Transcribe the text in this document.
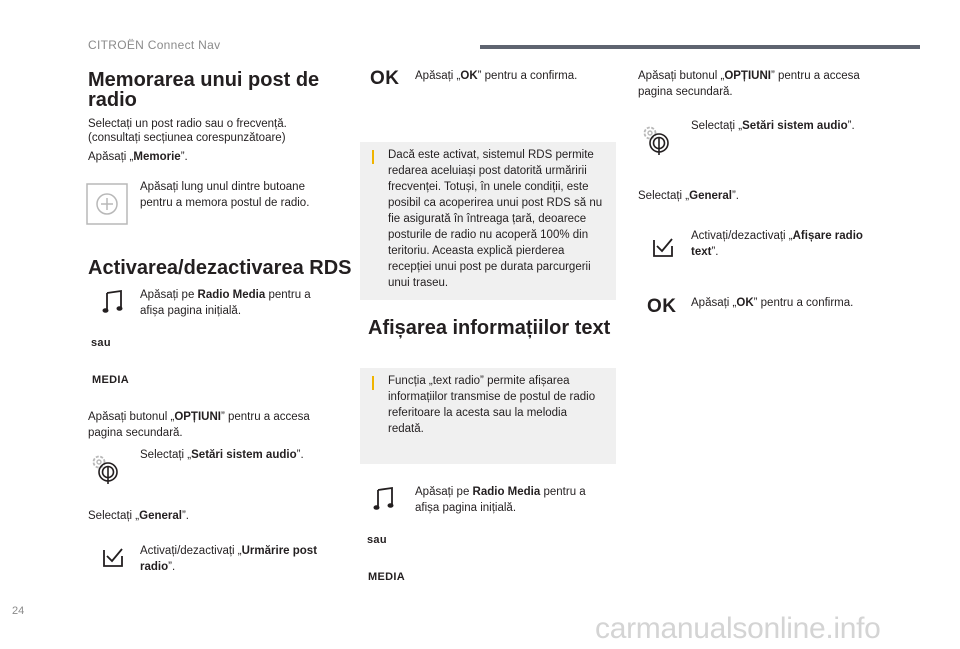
CITROËN Connect Nav
Memorarea unui post de radio
Selectați un post radio sau o frecvență.
(consultați secțiunea corespunzătoare)
Apăsați „Memorie”.
Apăsați lung unul dintre butoane pentru a memora postul de radio.
Activarea/dezactivarea RDS
Apăsați pe Radio Media pentru a afișa pagina inițială.
sau
MEDIA
Apăsați butonul „OPȚIUNI” pentru a accesa pagina secundară.
Selectați „Setări sistem audio”.
Selectați „General”.
Activați/dezactivați „Urmărire post radio”.
OK Apăsați „OK” pentru a confirma.
Dacă este activat, sistemul RDS permite redarea aceluiași post datorită urmăririi frecvenței. Totuși, în unele condiții, este posibil ca acoperirea unui post RDS să nu fie asigurată în întreaga țară, deoarece posturile de radio nu acoperă 100% din teritoriu. Aceasta explică pierderea recepției unui post pe durata parcurgerii unui traseu.
Afișarea informațiilor text
Funcția „text radio” permite afișarea informațiilor transmise de postul de radio referitoare la acesta sau la melodia redată.
Apăsați pe Radio Media pentru a afișa pagina inițială.
sau
MEDIA
Apăsați butonul „OPȚIUNI” pentru a accesa pagina secundară.
Selectați „Setări sistem audio”.
Selectați „General”.
Activați/dezactivați „Afișare radio text”.
OK Apăsați „OK” pentru a confirma.
24
carmanualsonline.info
